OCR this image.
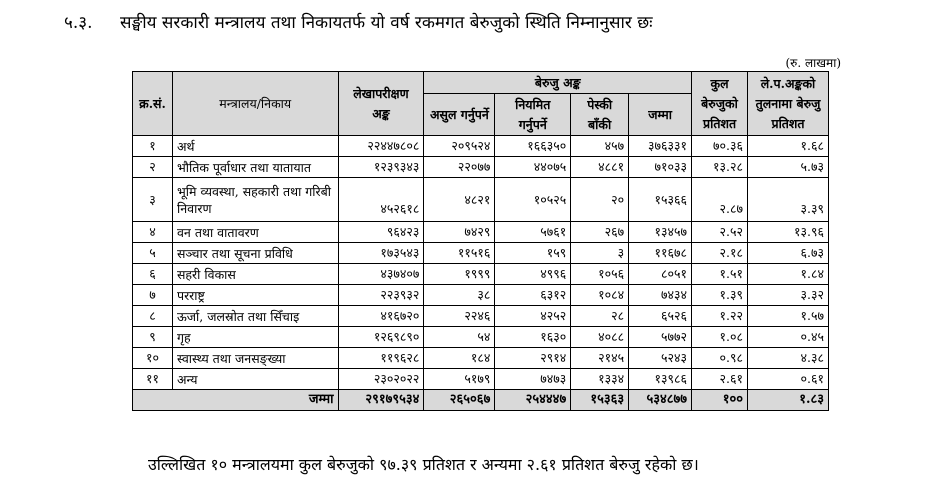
५.३. सङ्घीय सरकारी मन्त्रालय तथा निकायतर्फ यो वर्ष रकमगत बेरुजुको स्थिति निम्नानुसार छः
(रु. लाखमा)
क्र.सं.	मन्त्रालय/निकाय	लेखापरीक्षण अङ्क	बेरुजु अङ्क				कुल बेरुजुको प्रतिशत	ले.प.अङ्कको तुलनामा बेरुजु प्रतिशत
			असुल गर्नुपर्ने	नियमित गर्नुपर्ने	पेस्की बाँकी	जम्मा		
१	अर्थ	२२४४७८०८	२०९५२४	१६६३५०	४५७	३७६३३१	७०.३६	१.६८
२	भौतिक पूर्वाधार तथा यातायात	१२३९३४३	२२०७७	४४०७५	४८८१	७१०३३	१३.२८	५.७३
३	भूमि व्यवस्था, सहकारी तथा गरिबी निवारण	४५२६१८	४८२१	१०५२५	२०	१५३६६	२.८७	३.३९
४	वन तथा वातावरण	९६४२३	७४२९	५७६१	२६७	१३४५७	२.५२	१३.९६
५	सञ्चार तथा सूचना प्रविधि	१७३५४३	११५१६	१५९	३	११६७८	२.१८	६.७३
६	सहरी विकास	४३७४०७	१९९९	४९९६	१०५६	८०५१	१.५१	१.८४
७	परराष्ट्र	२२३९३२	३८	६३१२	१०८४	७४३४	१.३९	३.३२
८	ऊर्जा, जलस्रोत तथा सिँचाइ	४१६७२०	२२४६	४२५२	२८	६५२६	१.२२	१.५७
९	गृह	१२६९८९०	५४	१६३०	४०८८	५७७२	१.०८	०.४५
१०	स्वास्थ्य तथा जनसङ्ख्या	११९६२८	१८४	२९१४	२१४५	५२४३	०.९८	४.३८
११	अन्य	२३०२०२२	५१७९	७४७३	१३३४	१३९८६	२.६१	०.६१
जम्मा		२९१७९५३४	२६५०६७	२५४४४७	१५३६३	५३४८७७	१००	१.८३
उल्लिखित १० मन्त्रालयमा कुल बेरुजुको ९७.३९ प्रतिशत र अन्यमा २.६१ प्रतिशत बेरुजु रहेको छ।
